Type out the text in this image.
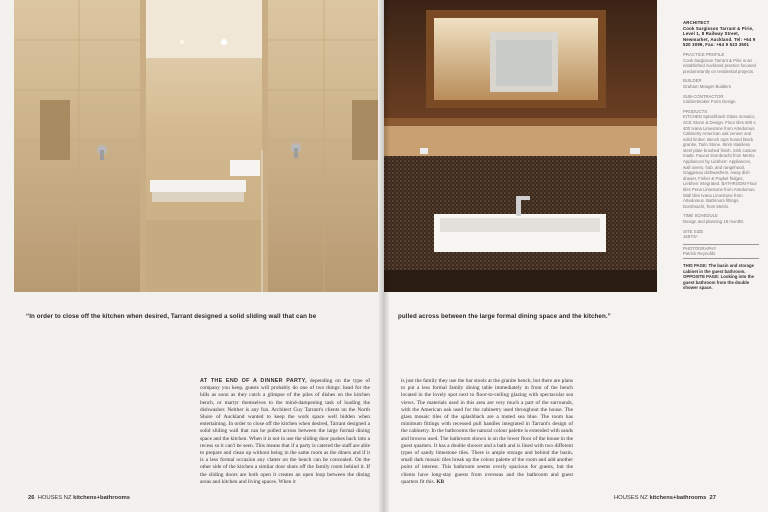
“In order to close off the kitchen when desired, Tarrant designed a solid sliding wall that can be
AT THE END OF A DINNER PARTY, depending on the type of company you keep, guests will probably do one of two things: head for the hills as soon as they catch a glimpse of the piles of dishes on the kitchen bench, or martyr themselves to the mind-dampening task of loading the dishwasher. Neither is any fun. Architect Guy Tarrant's clients on the North Shore of Auckland wanted to keep the work space well hidden when entertaining. In order to close off the kitchen when desired, Tarrant designed a solid sliding wall that can be pulled across between the large formal dining space and the kitchen. When it is not in use the sliding door pushes back into a recess so it can't be seen. This means that if a party is catered the staff are able to prepare and clean up without being in the same room as the diners and if it is a less formal occasion any clatter on the bench can be concealed. On the other side of the kitchen a similar door shuts off the family room behind it. If the sliding doors are both open it creates an open loop between the dining areas and kitchen and living spaces. When it
26 HOUSES NZ kitchens+bathrooms
pulled across between the large formal dining space and the kitchen.”
is just the family they use the bar stools at the granite bench, but there are plans to put a less formal family dining table immediately in front of the bench located in the lovely spot next to floor-to-ceiling glazing with spectacular sea views. The materials used in this area are very much a part of the surrounds, with the American oak used for the cabinetry used throughout the house. The glass mosaic tiles of the splashback are a muted sea blue. The room has minimum fittings with recessed pull handles integrated in Tarrant's design of the cabinetry. In the bathrooms the natural colour palette is extended with sands and browns used. The bathroom shown is on the lower floor of the house in the guest quarters. It has a double shower and a bath and is lined with two different types of sandy limestone tiles. There is ample storage and behind the basin, small dark mosaic tiles break up the colour palette of the room and add another point of interest. This bathroom seems overly spacious for guests, but the clients have long-stay guests from overseas and the bathroom and guest quarters fit this. KB
HOUSES NZ kitchens+bathrooms 27
ARCHITECT
Cook Sargisson Tarrant & Pirie, Level 1, 8 Railway Street, Newmarket, Auckland. Tel: +64 9 520 3099, Fax: +64 9 523 3501
PRACTICE PROFILE
Cook Sargisson Tarrant & Pirie is an established Auckland practice focused predominantly on residential projects.
BUILDER
Graham Meager Builders
SUB-CONTRACTOR
Cabinetmaker Form Design
PRODUCTS
KITCHEN Splashback Glass mosaics, SCE Stone & Design. Floor tiles 600 x 400 Ivana Limestone from Artedomus. Cabinetry American oak veneer and solid timber. Bench tops honed black granite, Tarlo Stone. 8mm stainless steel plate brushed finish. Sink custom made. Faucet Dornbracht from Metrix. Appliances by Liebherr: Appliances, wall ovens, hob, and rangehood, Gaggenau dishwashers. Away dish drawer, Fisher & Paykel fridges, Liebherr integrated. BATHROOM Floor tiles Pena Limestone from Artedomus. Wall tiles Ivana Limestone from Artedomus. Bathroom fittings Dornbracht, from Metrix.
TIME SCHEDULE
Design and planning 18 months
SITE SIZE
1587m²
PHOTOGRAPHY
Patrick Reynolds
THIS PAGE: The basin and storage cabinet in the guest bathroom. OPPOSITE PAGE: Looking into the guest bathroom from the double shower space.
